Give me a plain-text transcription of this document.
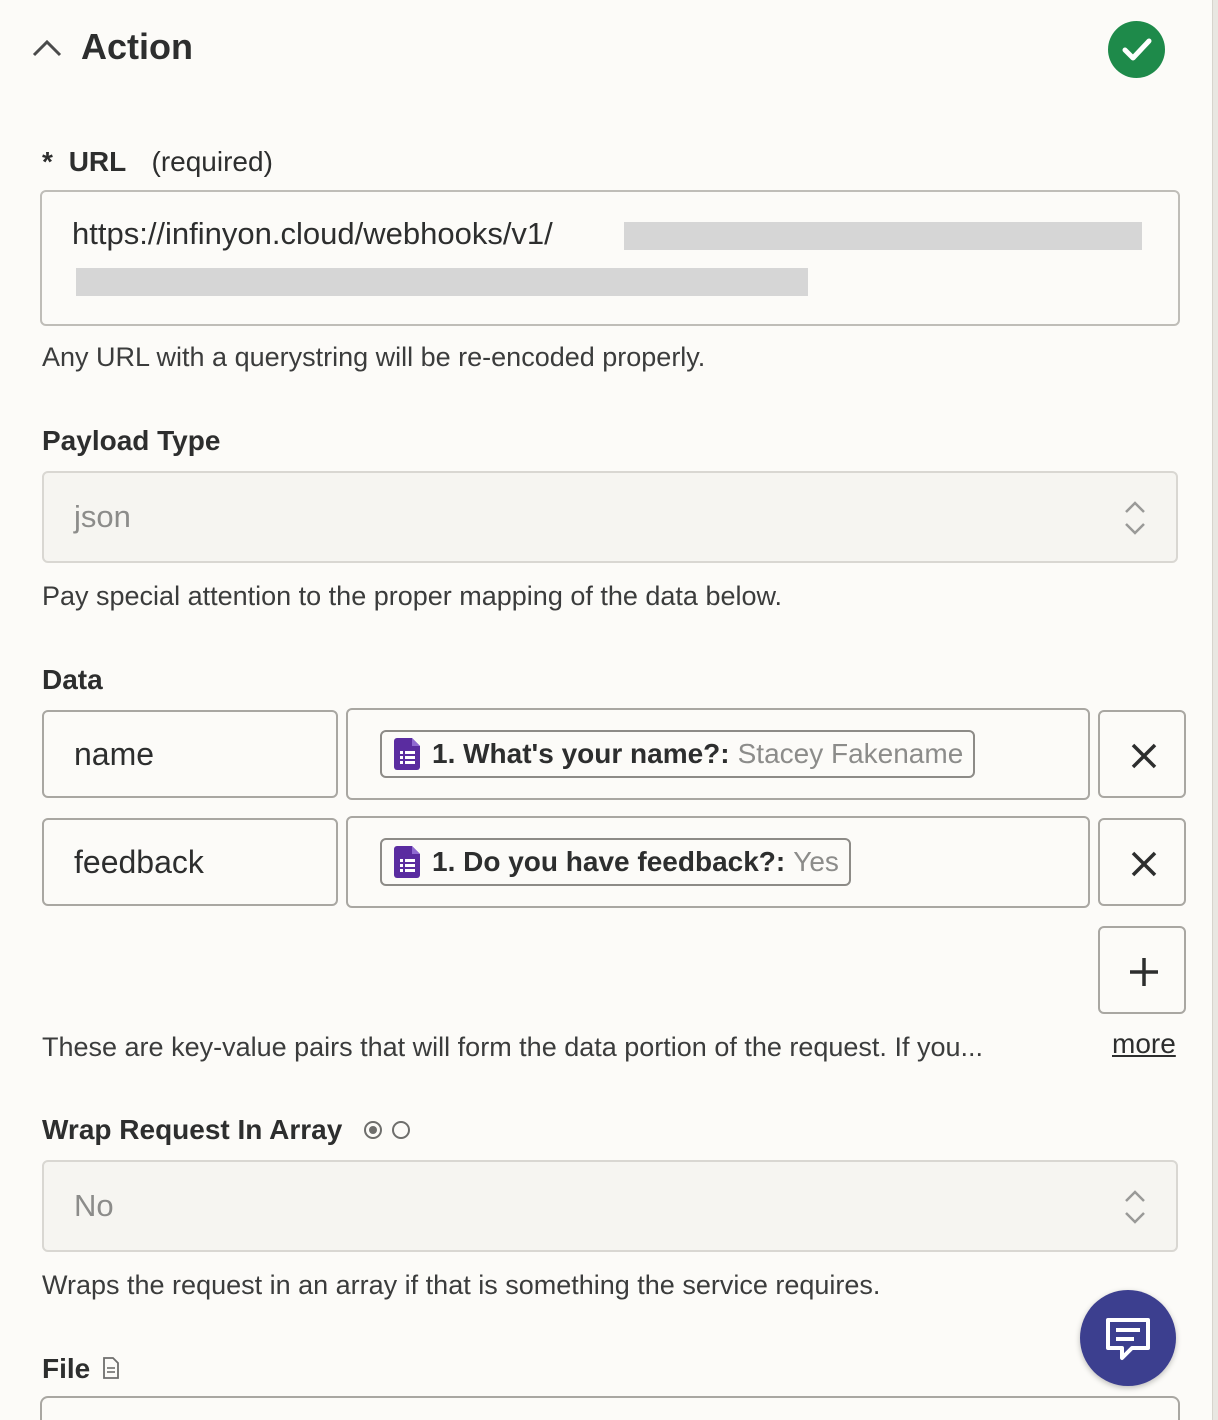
Action
* URL (required)
https://infinyon.cloud/webhooks/v1/
Any URL with a querystring will be re-encoded properly.
Payload Type
json
Pay special attention to the proper mapping of the data below.
Data
name	1. What's your name?: Stacey Fakename
feedback	1. Do you have feedback?: Yes
These are key-value pairs that will form the data portion of the request. If you...	more
Wrap Request In Array
No
Wraps the request in an array if that is something the service requires.
File
